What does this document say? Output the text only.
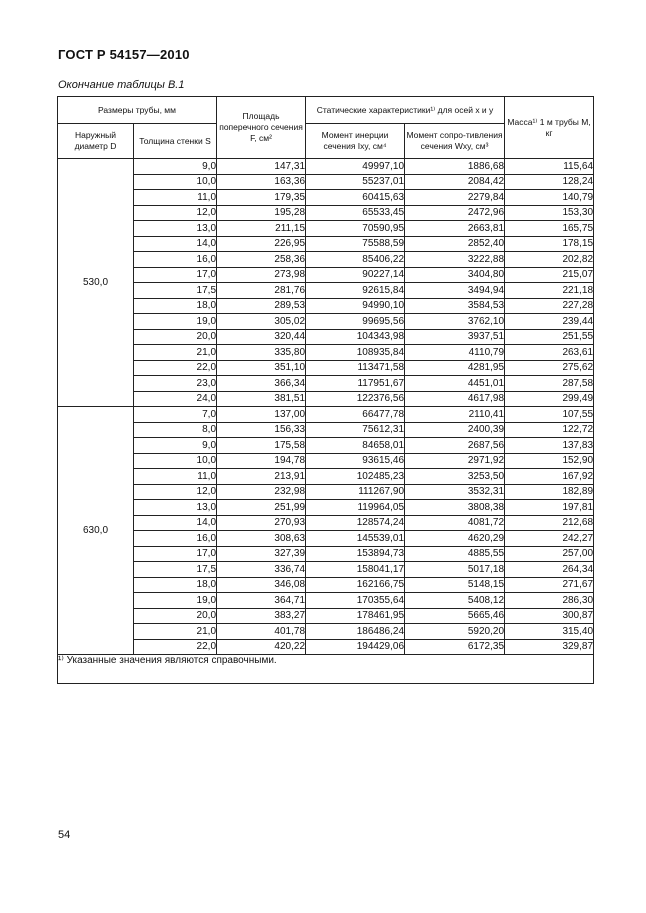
ГОСТ Р 54157—2010
Окончание таблицы В.1
Размеры трубы, мм		Площадь поперечного сечения F, см²	Статические характеристики¹⁾ для осей x и y		Масса¹⁾ 1 м трубы M, кг
Наружный диаметр D	Толщина стенки S		Момент инерции сечения Ixy, см⁴	Момент сопро-тивления сечения Wxy, см³	
530,0	9,0	147,31	49997,10	1886,68	115,64
	10,0	163,36	55237,01	2084,42	128,24
	11,0	179,35	60415,63	2279,84	140,79
	12,0	195,28	65533,45	2472,96	153,30
	13,0	211,15	70590,95	2663,81	165,75
	14,0	226,95	75588,59	2852,40	178,15
	16,0	258,36	85406,22	3222,88	202,82
	17,0	273,98	90227,14	3404,80	215,07
	17,5	281,76	92615,84	3494,94	221,18
	18,0	289,53	94990,10	3584,53	227,28
	19,0	305,02	99695,56	3762,10	239,44
	20,0	320,44	104343,98	3937,51	251,55
	21,0	335,80	108935,84	4110,79	263,61
	22,0	351,10	113471,58	4281,95	275,62
	23,0	366,34	117951,67	4451,01	287,58
	24,0	381,51	122376,56	4617,98	299,49
630,0	7,0	137,00	66477,78	2110,41	107,55
	8,0	156,33	75612,31	2400,39	122,72
	9,0	175,58	84658,01	2687,56	137,83
	10,0	194,78	93615,46	2971,92	152,90
	11,0	213,91	102485,23	3253,50	167,92
	12,0	232,98	111267,90	3532,31	182,89
	13,0	251,99	119964,05	3808,38	197,81
	14,0	270,93	128574,24	4081,72	212,68
	16,0	308,63	145539,01	4620,29	242,27
	17,0	327,39	153894,73	4885,55	257,00
	17,5	336,74	158041,17	5017,18	264,34
	18,0	346,08	162166,75	5148,15	271,67
	19,0	364,71	170355,64	5408,12	286,30
	20,0	383,27	178461,95	5665,46	300,87
	21,0	401,78	186486,24	5920,20	315,40
	22,0	420,22	194429,06	6172,35	329,87
¹⁾ Указанные значения являются справочными.					
54
